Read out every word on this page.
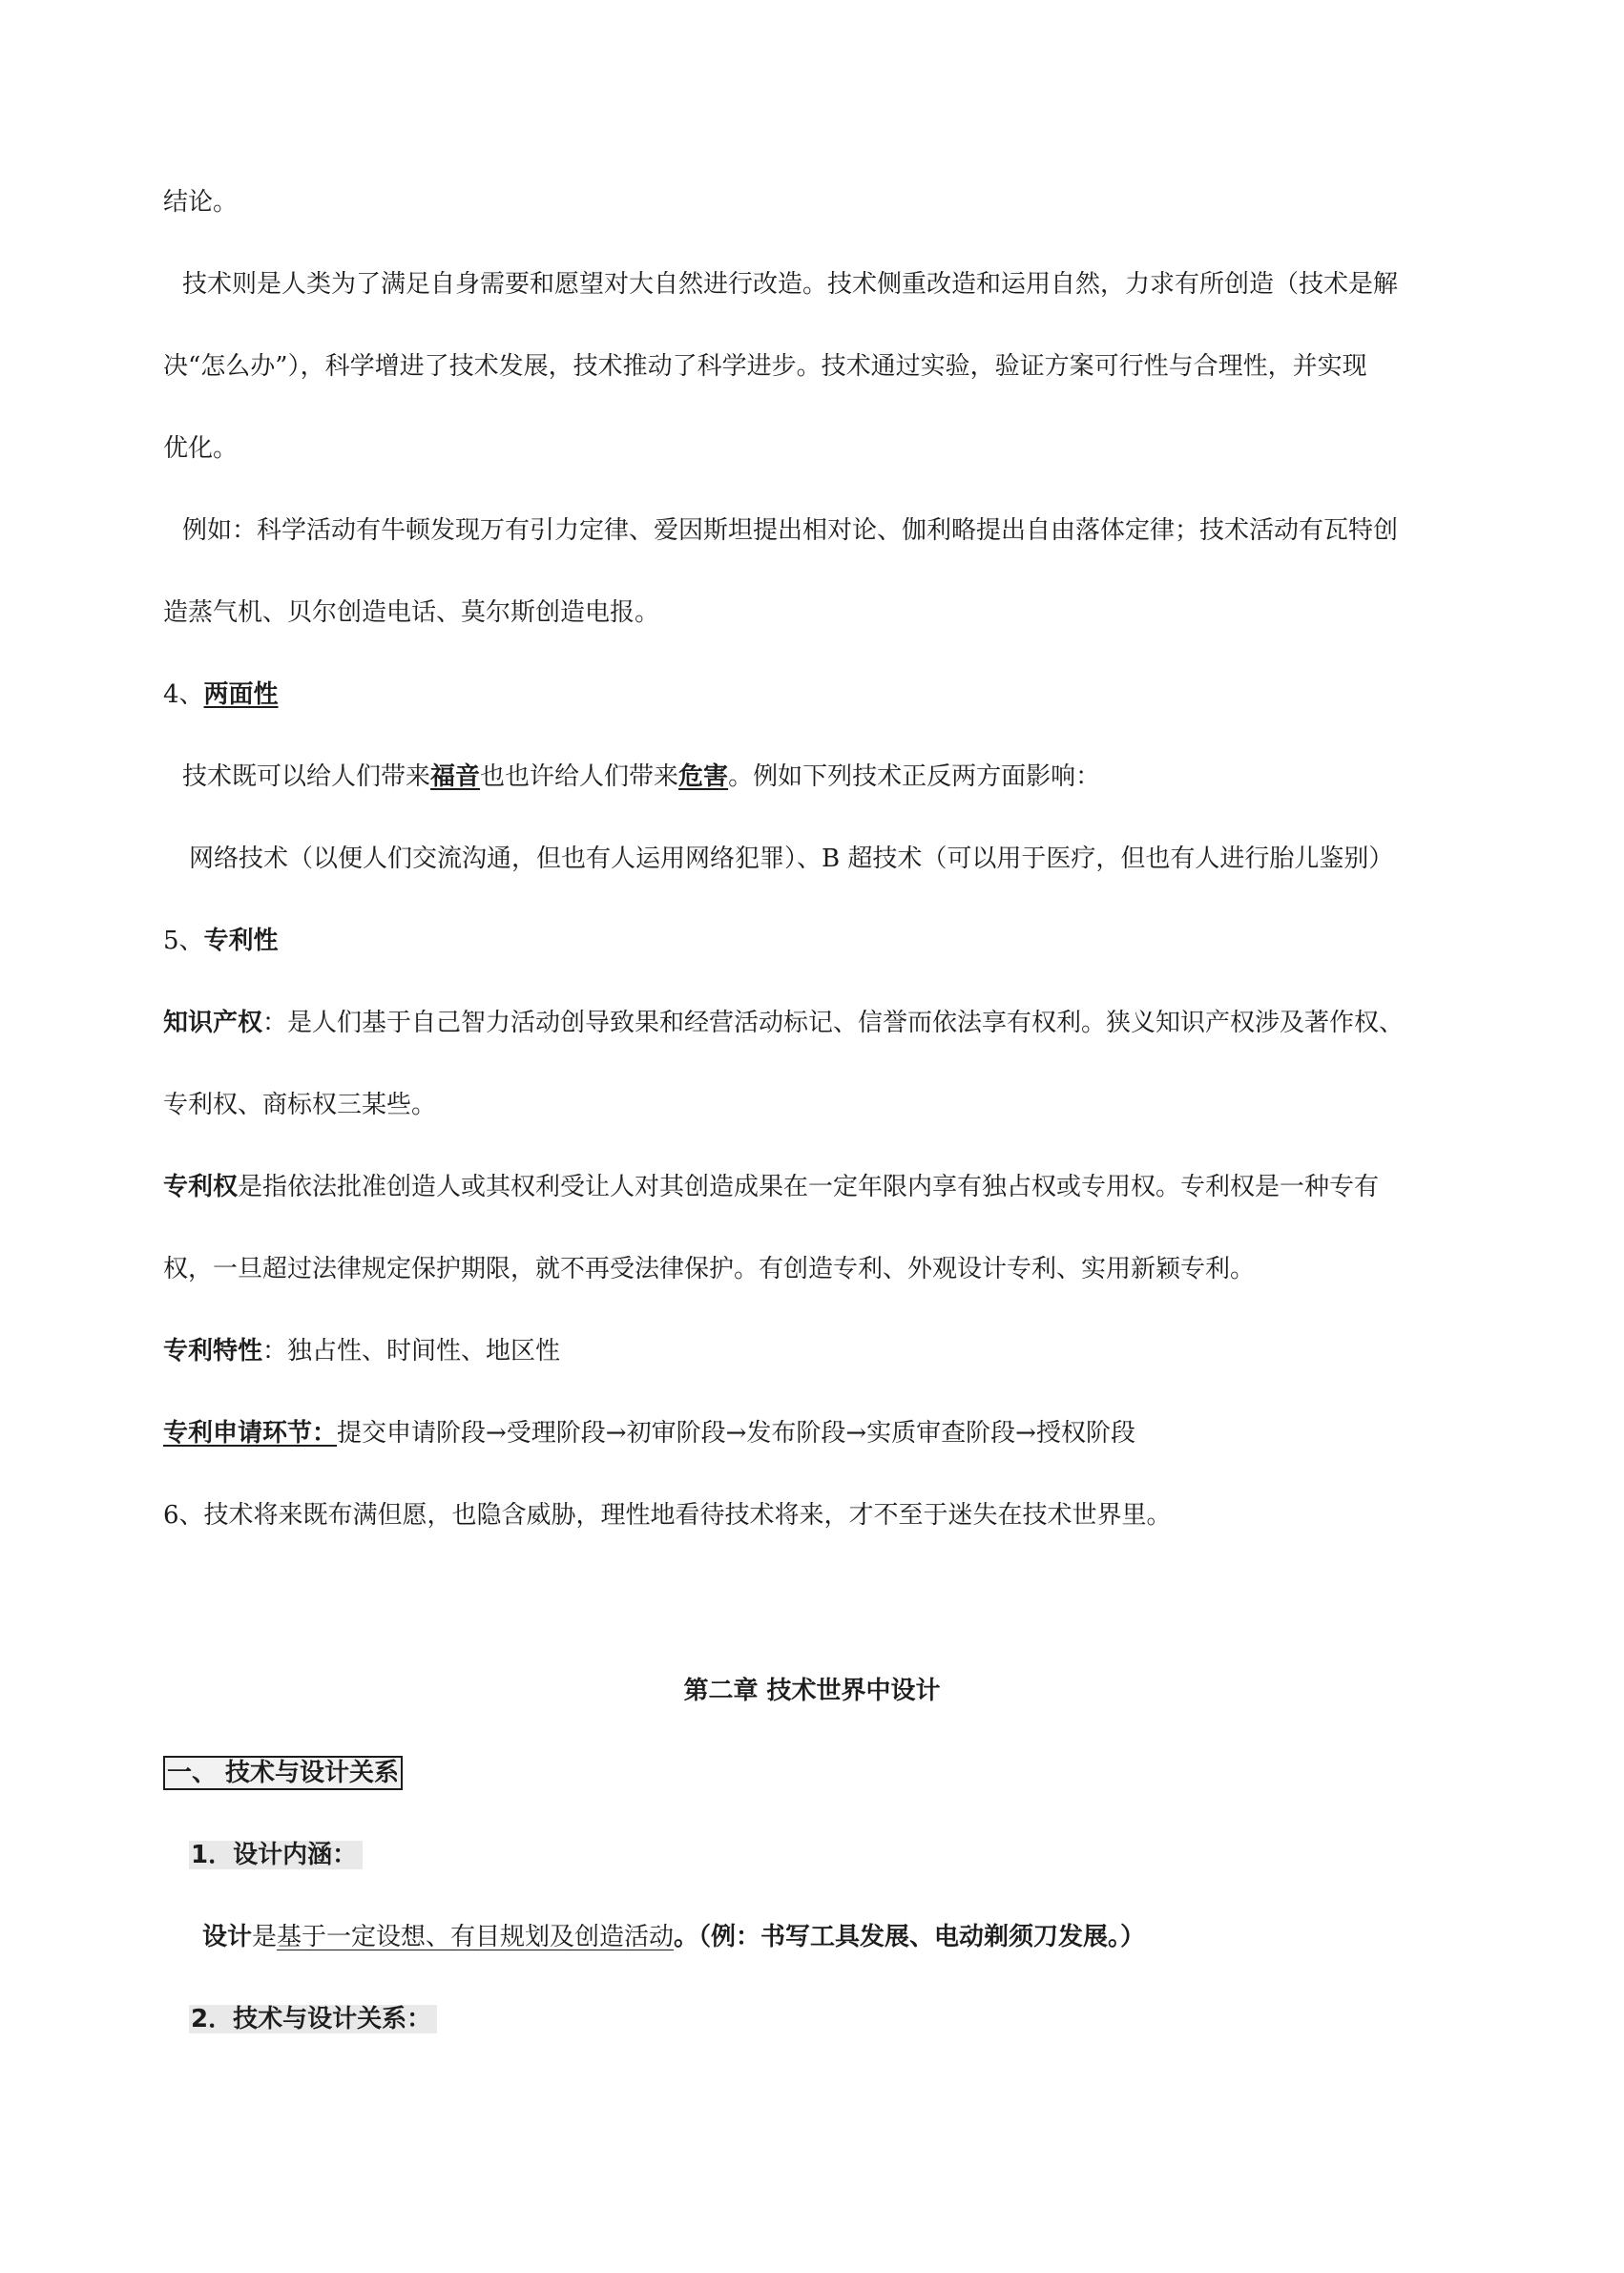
结论。
技术则是人类为了满足自身需要和愿望对大自然进行改造。技术侧重改造和运用自然，力求有所创造（技术是解
决“怎么办”），科学增进了技术发展，技术推动了科学进步。技术通过实验，验证方案可行性与合理性，并实现
优化。
例如：科学活动有牛顿发现万有引力定律、爱因斯坦提出相对论、伽利略提出自由落体定律；技术活动有瓦特创
造蒸气机、贝尔创造电话、莫尔斯创造电报。
4、两面性
技术既可以给人们带来福音也也许给人们带来危害。例如下列技术正反两方面影响：
网络技术（以便人们交流沟通，但也有人运用网络犯罪）、B 超技术（可以用于医疗，但也有人进行胎儿鉴别）
5、专利性
知识产权：是人们基于自己智力活动创导致果和经营活动标记、信誉而依法享有权利。狭义知识产权涉及著作权、
专利权、商标权三某些。
专利权是指依法批准创造人或其权利受让人对其创造成果在一定年限内享有独占权或专用权。专利权是一种专有
权，一旦超过法律规定保护期限，就不再受法律保护。有创造专利、外观设计专利、实用新颖专利。
专利特性：独占性、时间性、地区性
专利申请环节：提交申请阶段→受理阶段→初审阶段→发布阶段→实质审查阶段→授权阶段
6、技术将来既布满但愿，也隐含威胁，理性地看待技术将来，才不至于迷失在技术世界里。
第二章 技术世界中设计
一、 技术与设计关系
1．设计内涵：
设计是基于一定设想、有目规划及创造活动。（例：书写工具发展、电动剃须刀发展。）
2．技术与设计关系：
